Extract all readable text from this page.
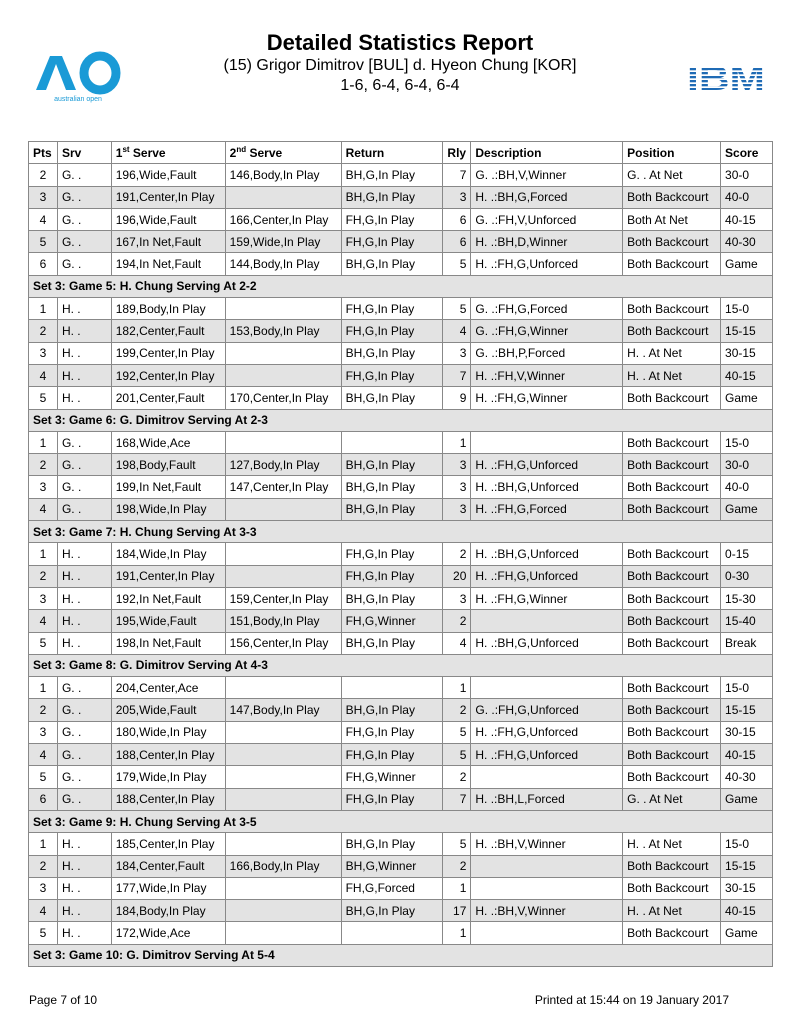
australian open
IBM
Detailed Statistics Report
(15) Grigor Dimitrov [BUL] d. Hyeon Chung [KOR]
1-6, 6-4, 6-4, 6-4
Pts	Srv	1st Serve	2nd Serve	Return	Rly	Description	Position	Score
2	G. .	196,Wide,Fault	146,Body,In Play	BH,G,In Play	7	G. .:BH,V,Winner	G. . At Net	30-0
3	G. .	191,Center,In Play		BH,G,In Play	3	H. .:BH,G,Forced	Both Backcourt	40-0
4	G. .	196,Wide,Fault	166,Center,In Play	FH,G,In Play	6	G. .:FH,V,Unforced	Both At Net	40-15
5	G. .	167,In Net,Fault	159,Wide,In Play	FH,G,In Play	6	H. .:BH,D,Winner	Both Backcourt	40-30
6	G. .	194,In Net,Fault	144,Body,In Play	BH,G,In Play	5	H. .:FH,G,Unforced	Both Backcourt	Game
Set 3: Game 5: H. Chung Serving At 2-2								
1	H. .	189,Body,In Play		FH,G,In Play	5	G. .:FH,G,Forced	Both Backcourt	15-0
2	H. .	182,Center,Fault	153,Body,In Play	FH,G,In Play	4	G. .:FH,G,Winner	Both Backcourt	15-15
3	H. .	199,Center,In Play		BH,G,In Play	3	G. .:BH,P,Forced	H. . At Net	30-15
4	H. .	192,Center,In Play		FH,G,In Play	7	H. .:FH,V,Winner	H. . At Net	40-15
5	H. .	201,Center,Fault	170,Center,In Play	BH,G,In Play	9	H. .:FH,G,Winner	Both Backcourt	Game
Set 3: Game 6: G. Dimitrov Serving At 2-3								
1	G. .	168,Wide,Ace			1		Both Backcourt	15-0
2	G. .	198,Body,Fault	127,Body,In Play	BH,G,In Play	3	H. .:FH,G,Unforced	Both Backcourt	30-0
3	G. .	199,In Net,Fault	147,Center,In Play	BH,G,In Play	3	H. .:BH,G,Unforced	Both Backcourt	40-0
4	G. .	198,Wide,In Play		BH,G,In Play	3	H. .:FH,G,Forced	Both Backcourt	Game
Set 3: Game 7: H. Chung Serving At 3-3								
1	H. .	184,Wide,In Play		FH,G,In Play	2	H. .:BH,G,Unforced	Both Backcourt	0-15
2	H. .	191,Center,In Play		FH,G,In Play	20	H. .:FH,G,Unforced	Both Backcourt	0-30
3	H. .	192,In Net,Fault	159,Center,In Play	BH,G,In Play	3	H. .:FH,G,Winner	Both Backcourt	15-30
4	H. .	195,Wide,Fault	151,Body,In Play	FH,G,Winner	2		Both Backcourt	15-40
5	H. .	198,In Net,Fault	156,Center,In Play	BH,G,In Play	4	H. .:BH,G,Unforced	Both Backcourt	Break
Set 3: Game 8: G. Dimitrov Serving At 4-3								
1	G. .	204,Center,Ace			1		Both Backcourt	15-0
2	G. .	205,Wide,Fault	147,Body,In Play	BH,G,In Play	2	G. .:FH,G,Unforced	Both Backcourt	15-15
3	G. .	180,Wide,In Play		FH,G,In Play	5	H. .:FH,G,Unforced	Both Backcourt	30-15
4	G. .	188,Center,In Play		FH,G,In Play	5	H. .:FH,G,Unforced	Both Backcourt	40-15
5	G. .	179,Wide,In Play		FH,G,Winner	2		Both Backcourt	40-30
6	G. .	188,Center,In Play		FH,G,In Play	7	H. .:BH,L,Forced	G. . At Net	Game
Set 3: Game 9: H. Chung Serving At 3-5								
1	H. .	185,Center,In Play		BH,G,In Play	5	H. .:BH,V,Winner	H. . At Net	15-0
2	H. .	184,Center,Fault	166,Body,In Play	BH,G,Winner	2		Both Backcourt	15-15
3	H. .	177,Wide,In Play		FH,G,Forced	1		Both Backcourt	30-15
4	H. .	184,Body,In Play		BH,G,In Play	17	H. .:BH,V,Winner	H. . At Net	40-15
5	H. .	172,Wide,Ace			1		Both Backcourt	Game
Set 3: Game 10: G. Dimitrov Serving At 5-4								
Page 7 of 10	Printed at 15:44 on 19 January 2017
